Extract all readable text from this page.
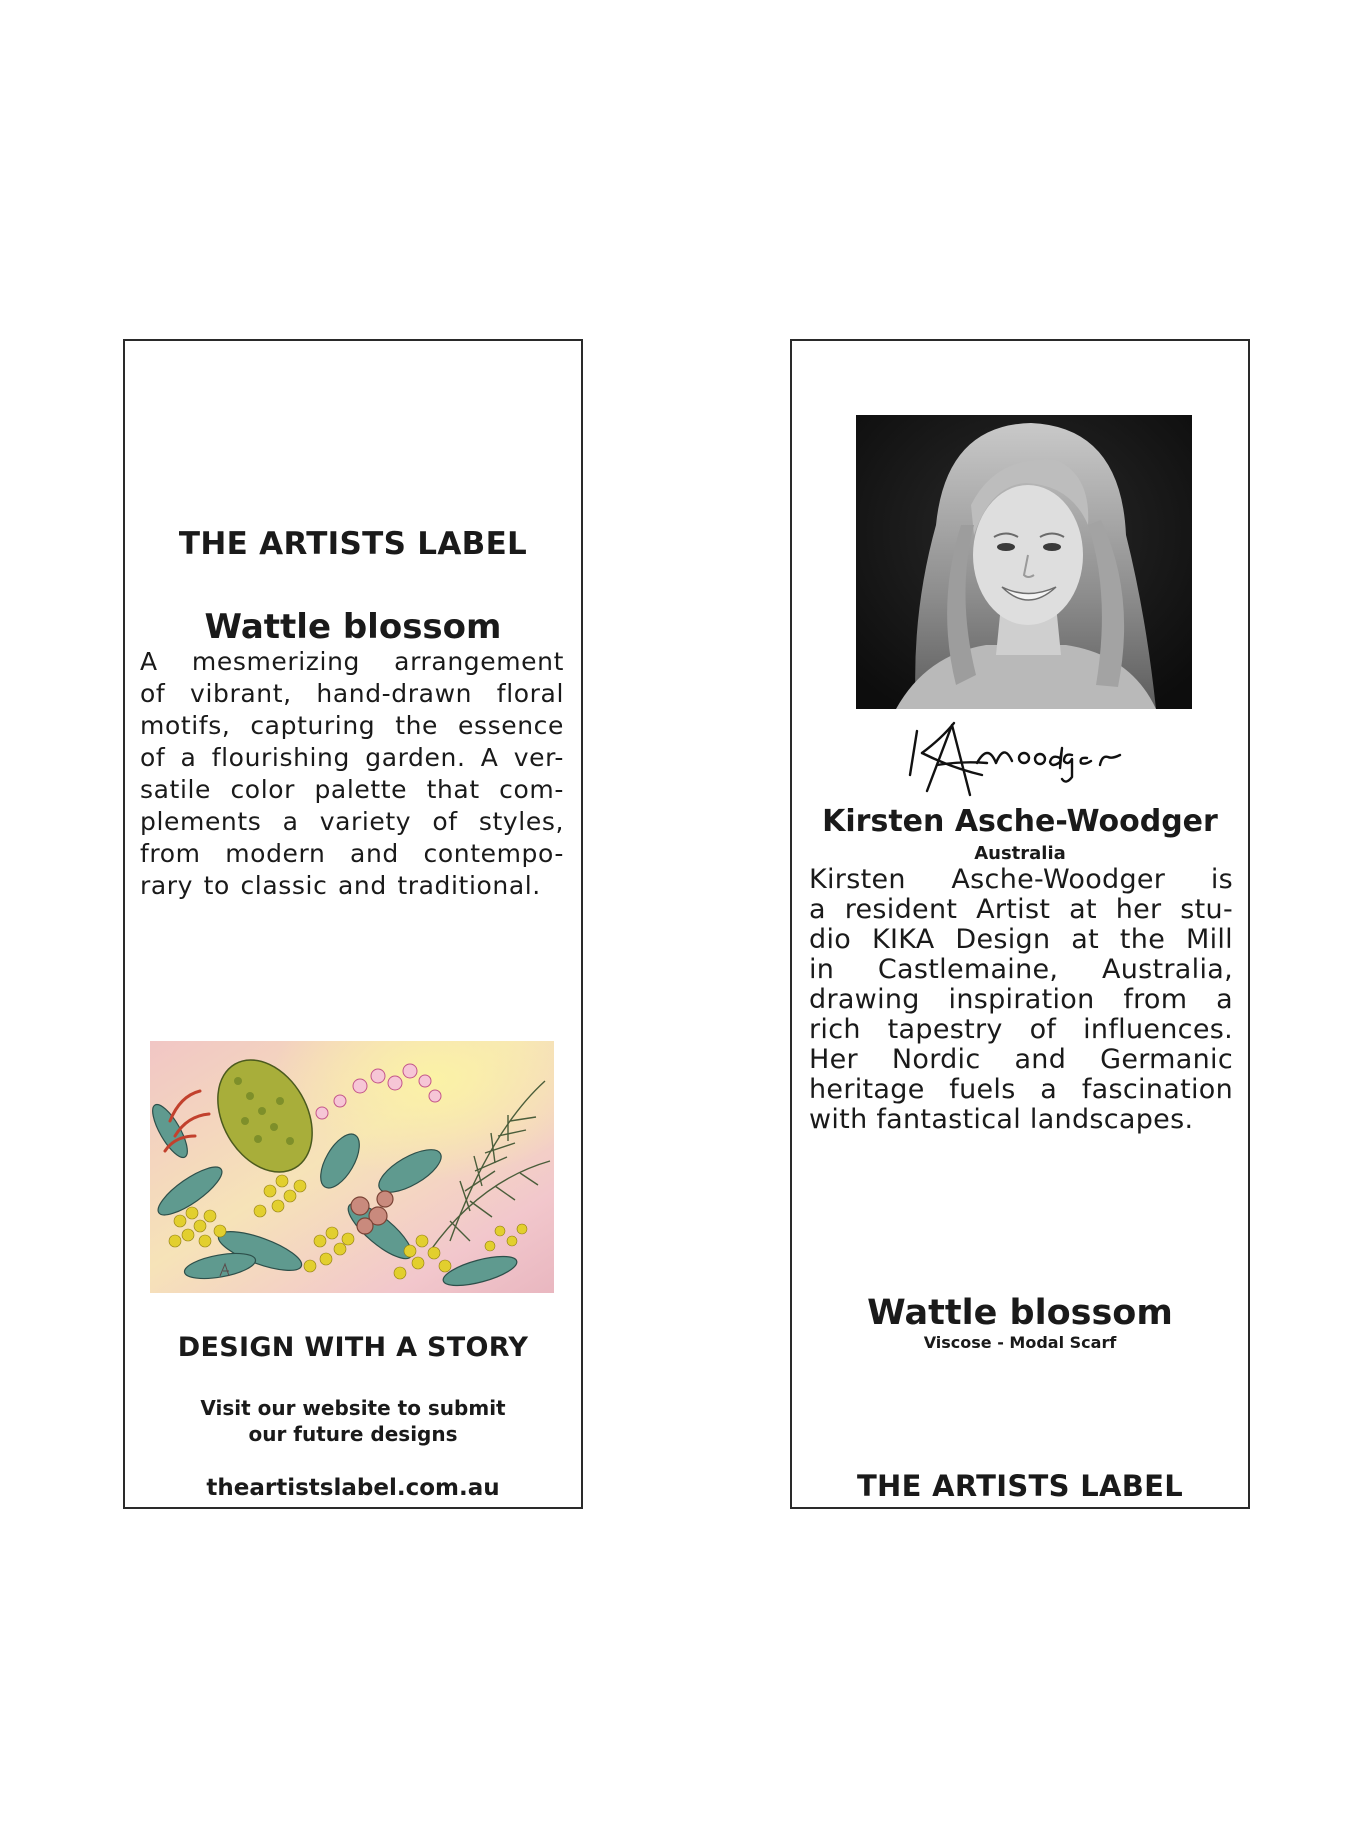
THE ARTISTS LABEL
Wattle blossom
A mesmerizing arrangement
of vibrant, hand-drawn floral
motifs, capturing the essence
of a flourishing garden. A ver-
satile color palette that com-
plements a variety of styles,
from modern and contempo-
rary to classic and traditional.
DESIGN WITH A STORY
Visit our website to submit
our future designs
theartistslabel.com.au
Kirsten Asche-Woodger
Australia
Kirsten Asche-Woodger is
a resident Artist at her stu-
dio KIKA Design at the Mill
in Castlemaine, Australia,
drawing inspiration from a
rich tapestry of influences.
Her Nordic and Germanic
heritage fuels a fascination
with fantastical landscapes.
Wattle blossom
Viscose - Modal Scarf
THE ARTISTS LABEL
